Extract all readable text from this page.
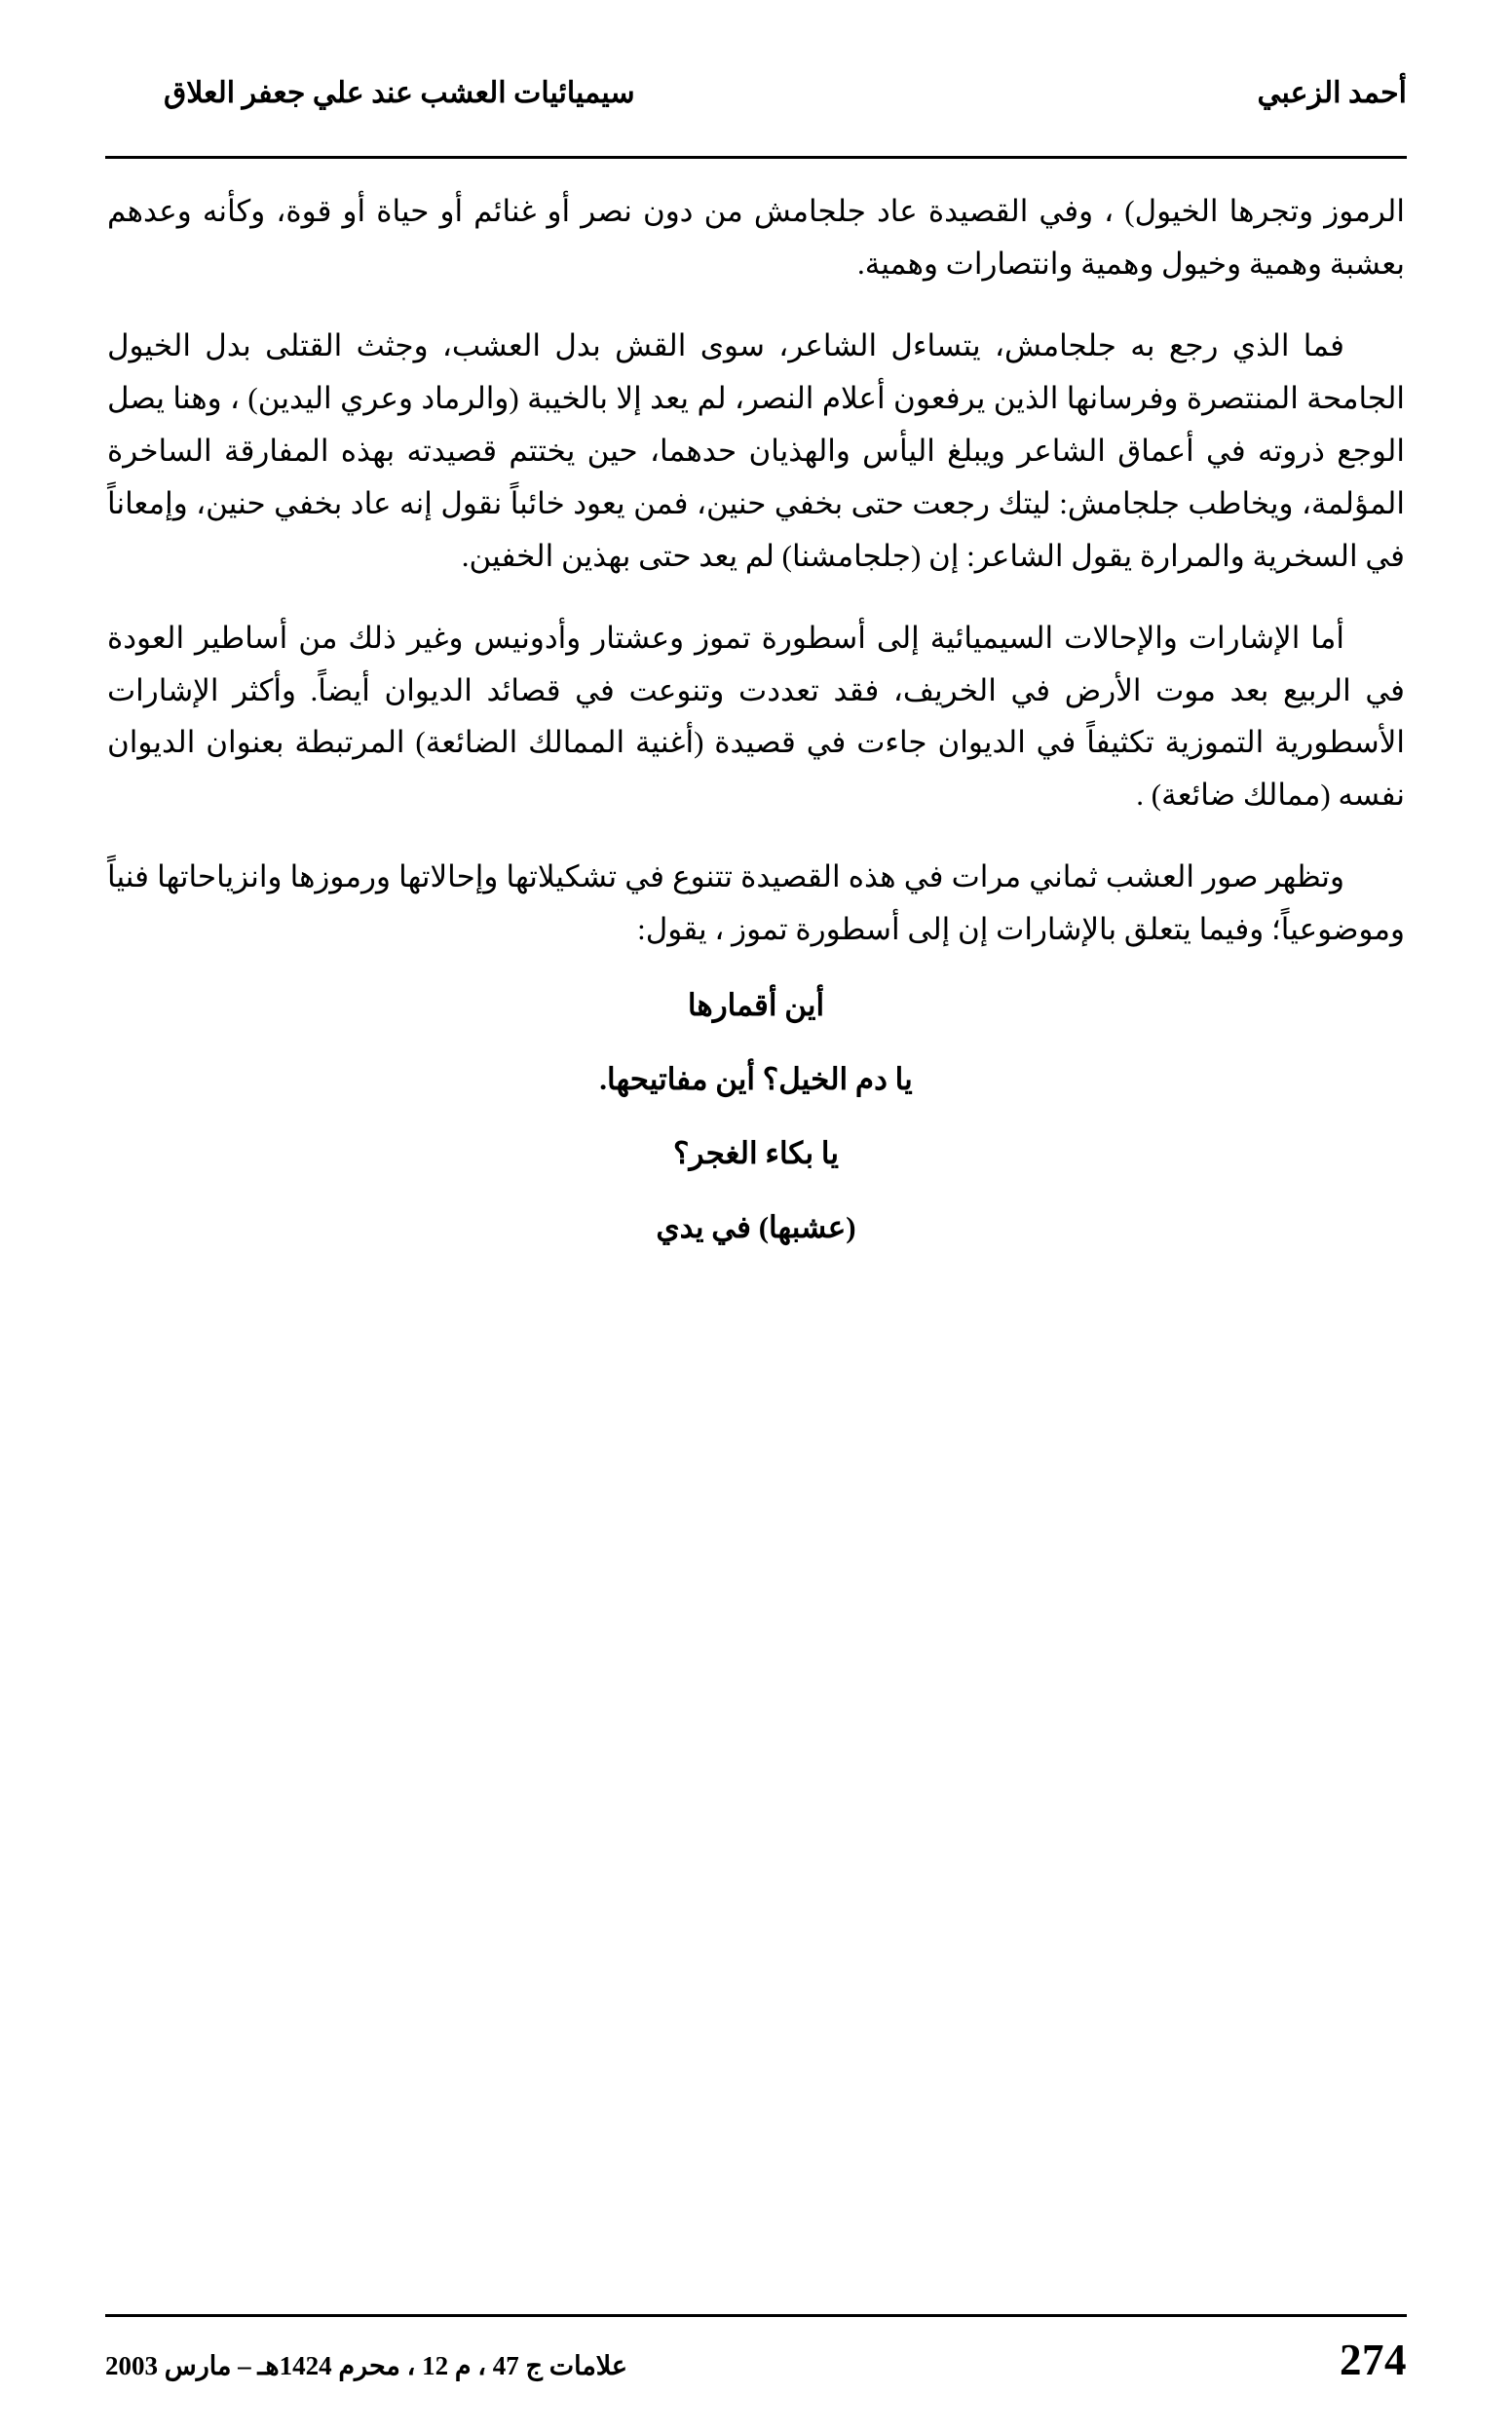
أحمد الزعبي
سيميائيات العشب عند علي جعفر العلاق

الرموز وتجرها الخيول) ، وفي القصيدة عاد جلجامش من دون نصر أو غنائم أو حياة أو قوة، وكأنه وعدهم بعشبة وهمية وخيول وهمية وانتصارات وهمية.

فما الذي رجع به جلجامش، يتساءل الشاعر، سوى القش بدل العشب، وجثث القتلى بدل الخيول الجامحة المنتصرة وفرسانها الذين يرفعون أعلام النصر، لم يعد إلا بالخيبة (والرماد وعري اليدين) ، وهنا يصل الوجع ذروته في أعماق الشاعر ويبلغ اليأس والهذيان حدهما، حين يختتم قصيدته بهذه المفارقة الساخرة المؤلمة، ويخاطب جلجامش: ليتك رجعت حتى بخفي حنين، فمن يعود خائباً نقول إنه عاد بخفي حنين، وإمعاناً في السخرية والمرارة يقول الشاعر: إن (جلجامشنا) لم يعد حتى بهذين الخفين.

أما الإشارات والإحالات السيميائية إلى أسطورة تموز وعشتار وأدونيس وغير ذلك من أساطير العودة في الربيع بعد موت الأرض في الخريف، فقد تعددت وتنوعت في قصائد الديوان أيضاً. وأكثر الإشارات الأسطورية التموزية تكثيفاً في الديوان جاءت في قصيدة (أغنية الممالك الضائعة) المرتبطة بعنوان الديوان نفسه (ممالك ضائعة) .

وتظهر صور العشب ثماني مرات في هذه القصيدة تتنوع في تشكيلاتها وإحالاتها ورموزها وانزياحاتها فنياً وموضوعياً؛ وفيما يتعلق بالإشارات إن إلى أسطورة تموز ، يقول:

أين أقمارها

يا دم الخيل؟ أين مفاتيحها.

يا بكاء الغجر؟

(عشبها) في يدي

274
علامات ج 47 ، م 12 ، محرم 1424هـ – مارس 2003
